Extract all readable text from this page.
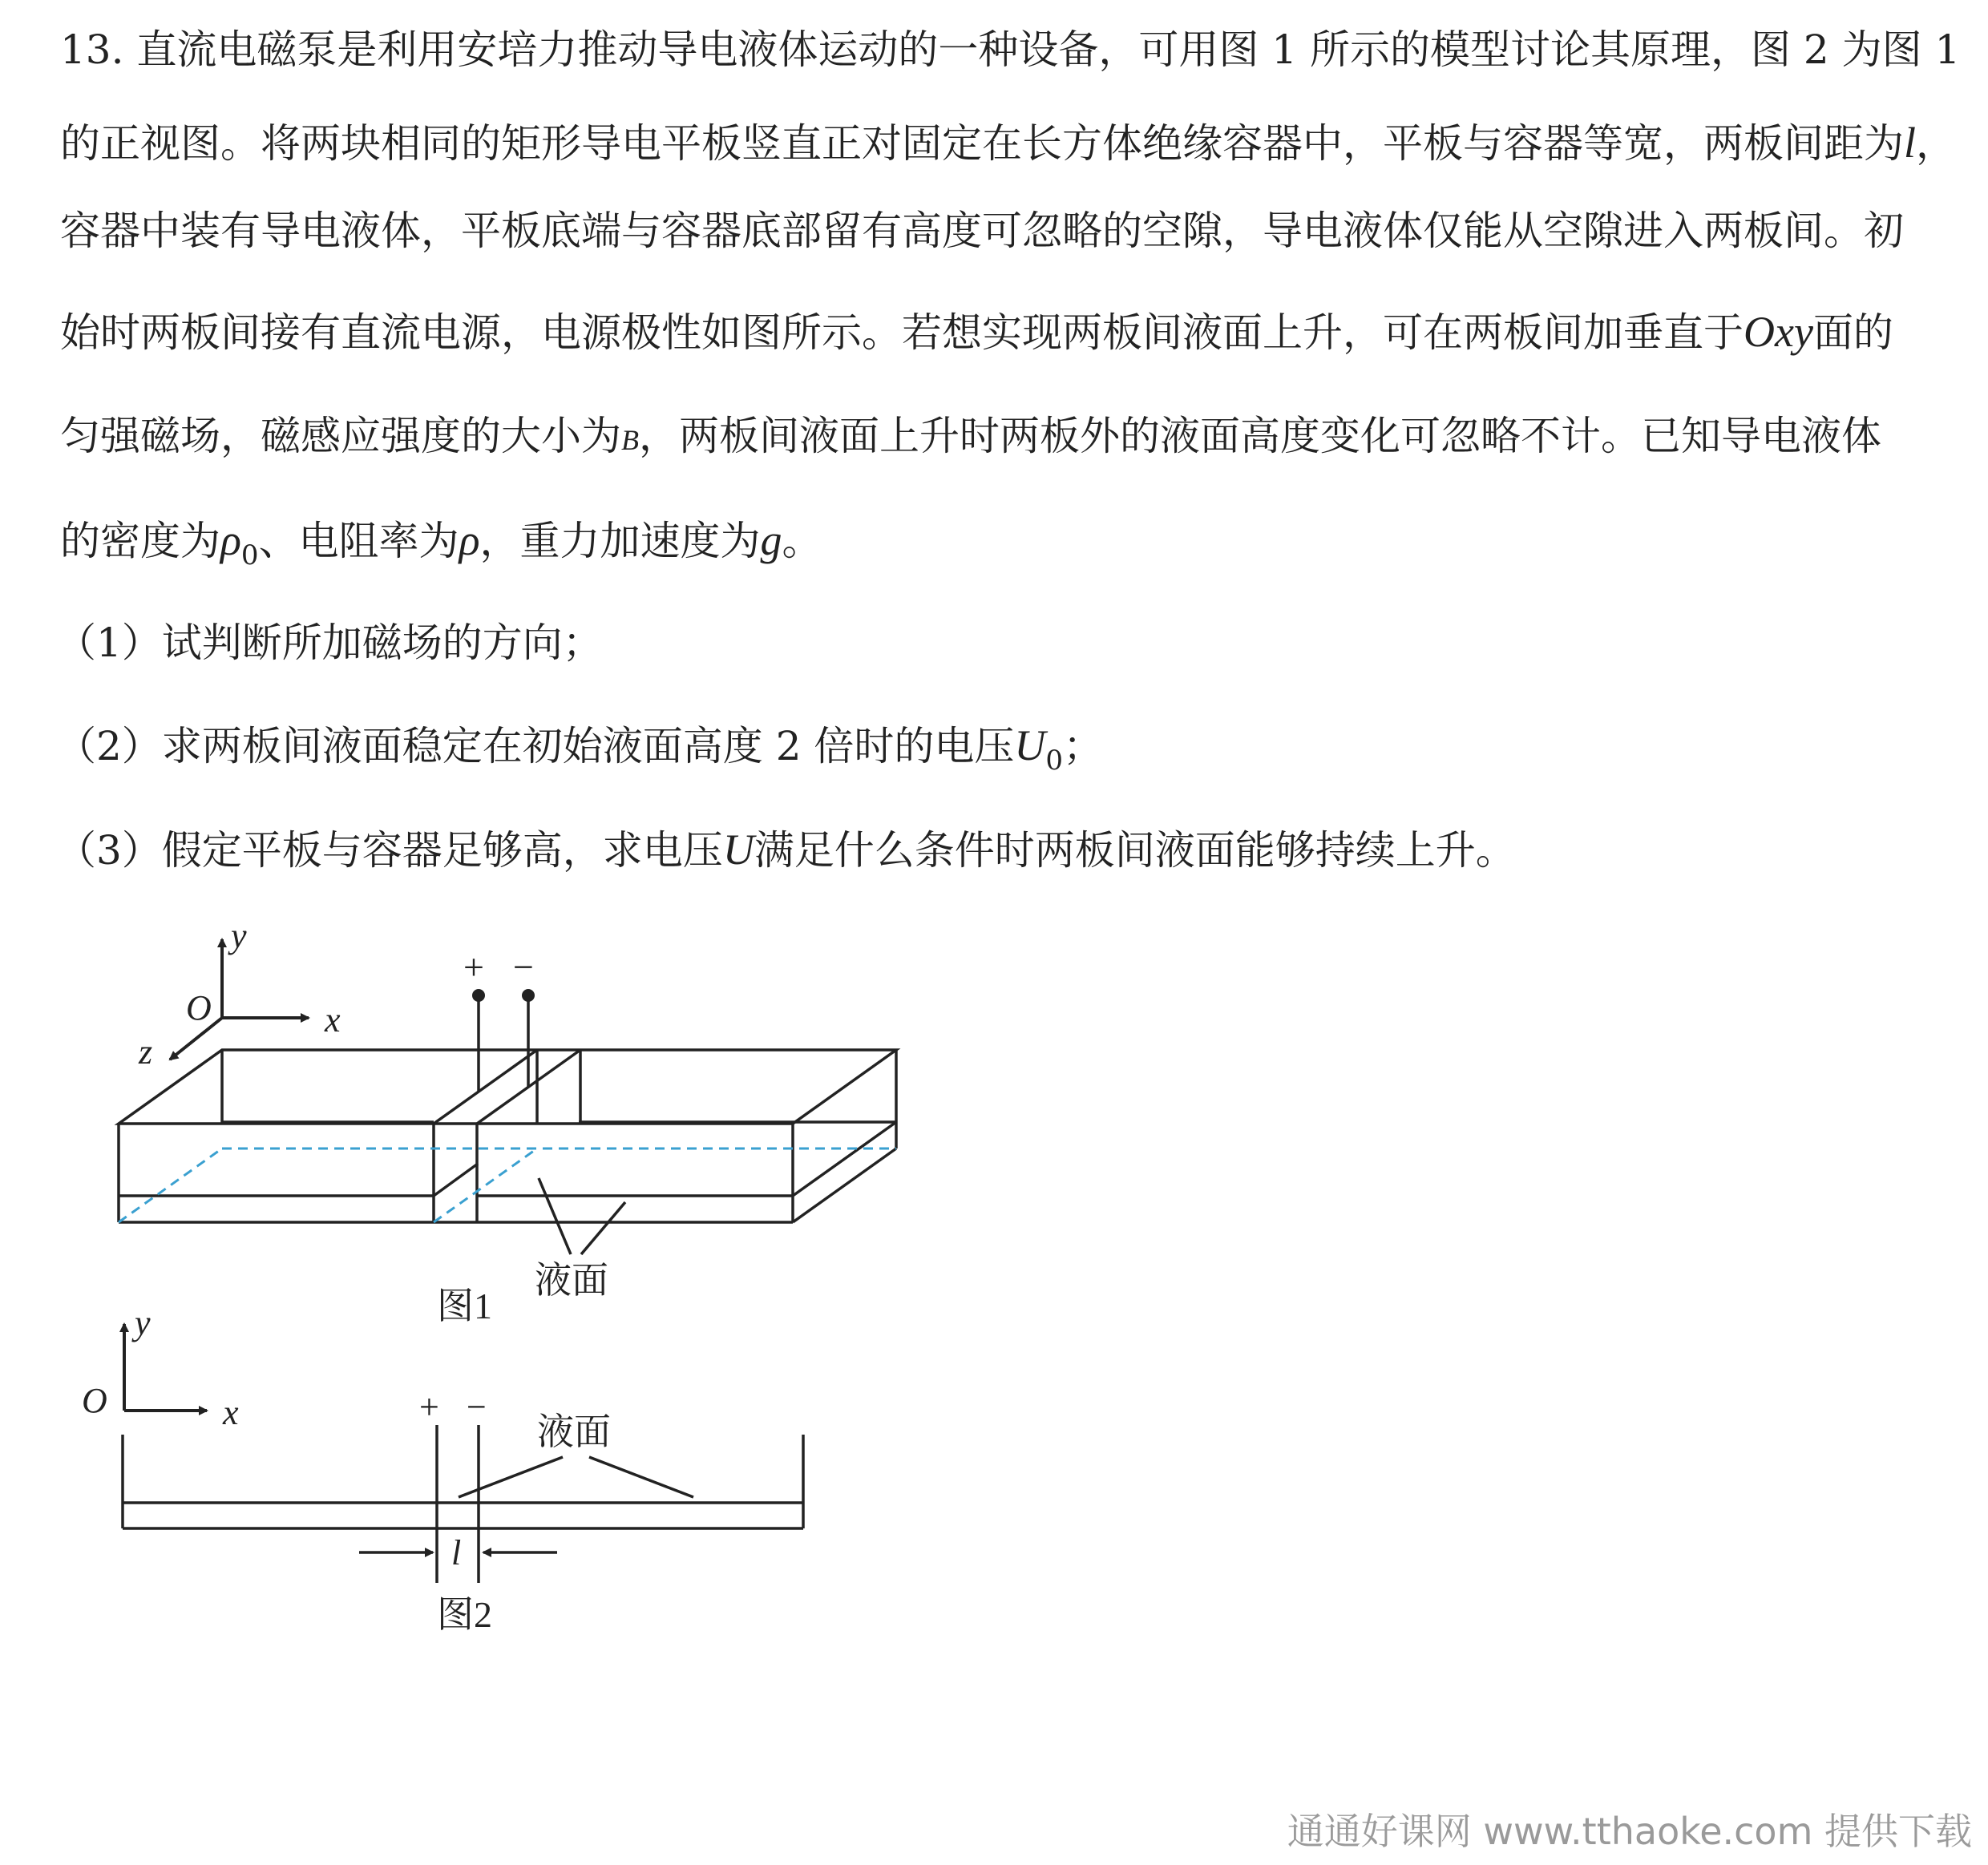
13. 直流电磁泵是利用安培力推动导电液体运动的一种设备，可用图 1 所示的模型讨论其原理，图 2 为图 1
的正视图。将两块相同的矩形导电平板竖直正对固定在长方体绝缘容器中，平板与容器等宽，两板间距为l，
容器中装有导电液体，平板底端与容器底部留有高度可忽略的空隙，导电液体仅能从空隙进入两板间。初
始时两板间接有直流电源，电源极性如图所示。若想实现两板间液面上升，可在两板间加垂直于Oxy面的
匀强磁场，磁感应强度的大小为B，两板间液面上升时两板外的液面高度变化可忽略不计。已知导电液体
的密度为$\rho_0$、电阻率为ρ，重力加速度为g。
（1）试判断所加磁场的方向；
（2）求两板间液面稳定在初始液面高度 2 倍时的电压$U_0$；
（3）假定平板与容器足够高，求电压U满足什么条件时两板间液面能够持续上升。
y
x
z
O
+ −
液面
图1
y
x
O	+ −
l
液面
图2
通通好课网 www.tthaoke.com 提供下载
